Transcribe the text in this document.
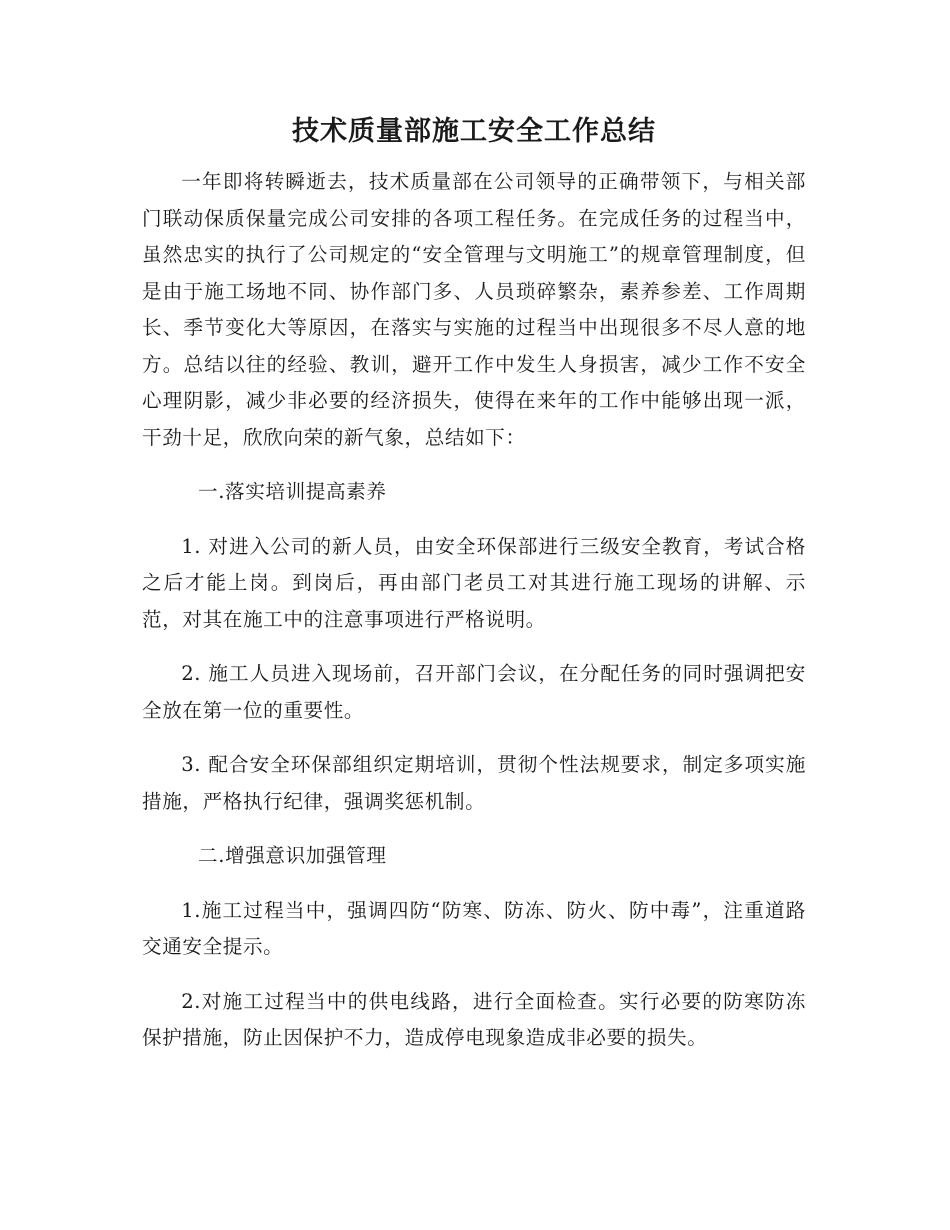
技术质量部施工安全工作总结

一年即将转瞬逝去，技术质量部在公司领导的正确带领下，与相关部门联动保质保量完成公司安排的各项工程任务。在完成任务的过程当中，虽然忠实的执行了公司规定的“安全管理与文明施工”的规章管理制度，但是由于施工场地不同、协作部门多、人员琐碎繁杂，素养参差、工作周期长、季节变化大等原因，在落实与实施的过程当中出现很多不尽人意的地方。总结以往的经验、教训，避开工作中发生人身损害，减少工作不安全心理阴影，减少非必要的经济损失，使得在来年的工作中能够出现一派，干劲十足，欣欣向荣的新气象，总结如下：

一.落实培训提高素养

1. 对进入公司的新人员，由安全环保部进行三级安全教育，考试合格之后才能上岗。到岗后，再由部门老员工对其进行施工现场的讲解、示范，对其在施工中的注意事项进行严格说明。

2. 施工人员进入现场前，召开部门会议，在分配任务的同时强调把安全放在第一位的重要性。

3. 配合安全环保部组织定期培训，贯彻个性法规要求，制定多项实施措施，严格执行纪律，强调奖惩机制。

二.增强意识加强管理

1.施工过程当中，强调四防“防寒、防冻、防火、防中毒”，注重道路交通安全提示。

2.对施工过程当中的供电线路，进行全面检查。实行必要的防寒防冻保护措施，防止因保护不力，造成停电现象造成非必要的损失。
